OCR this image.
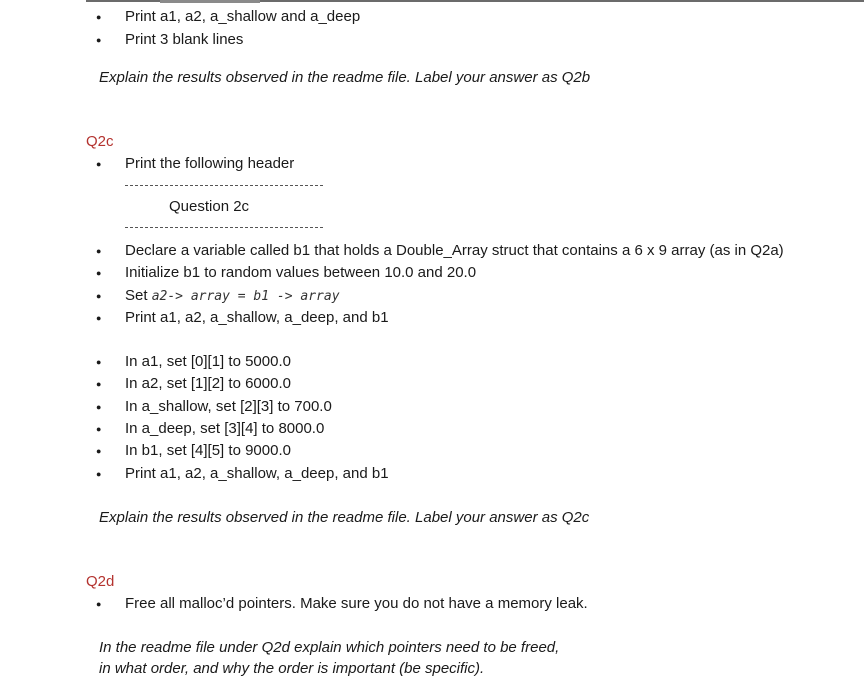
●	Print a1, a2, a_shallow and a_deep
●	Print 3 blank lines
Explain the results observed in the readme file. Label your answer as Q2b
Q2c
●	Print the following header
Question 2c
●	Declare a variable called b1 that holds a Double_Array struct that contains a 6 x 9 array (as in Q2a)
●	Initialize b1 to random values between 10.0 and 20.0
●	Set a2-> array = b1 -> array
●	Print a1, a2, a_shallow, a_deep, and b1
●	In a1, set [0][1] to 5000.0
●	In a2, set [1][2] to 6000.0
●	In a_shallow, set [2][3] to 700.0
●	In a_deep, set [3][4] to 8000.0
●	In b1, set [4][5] to 9000.0
●	Print a1, a2, a_shallow, a_deep, and b1
Explain the results observed in the readme file. Label your answer as Q2c
Q2d
●	Free all malloc’d pointers. Make sure you do not have a memory leak.
In the readme file under Q2d explain which pointers need to be freed,
in what order, and why the order is important (be specific).
